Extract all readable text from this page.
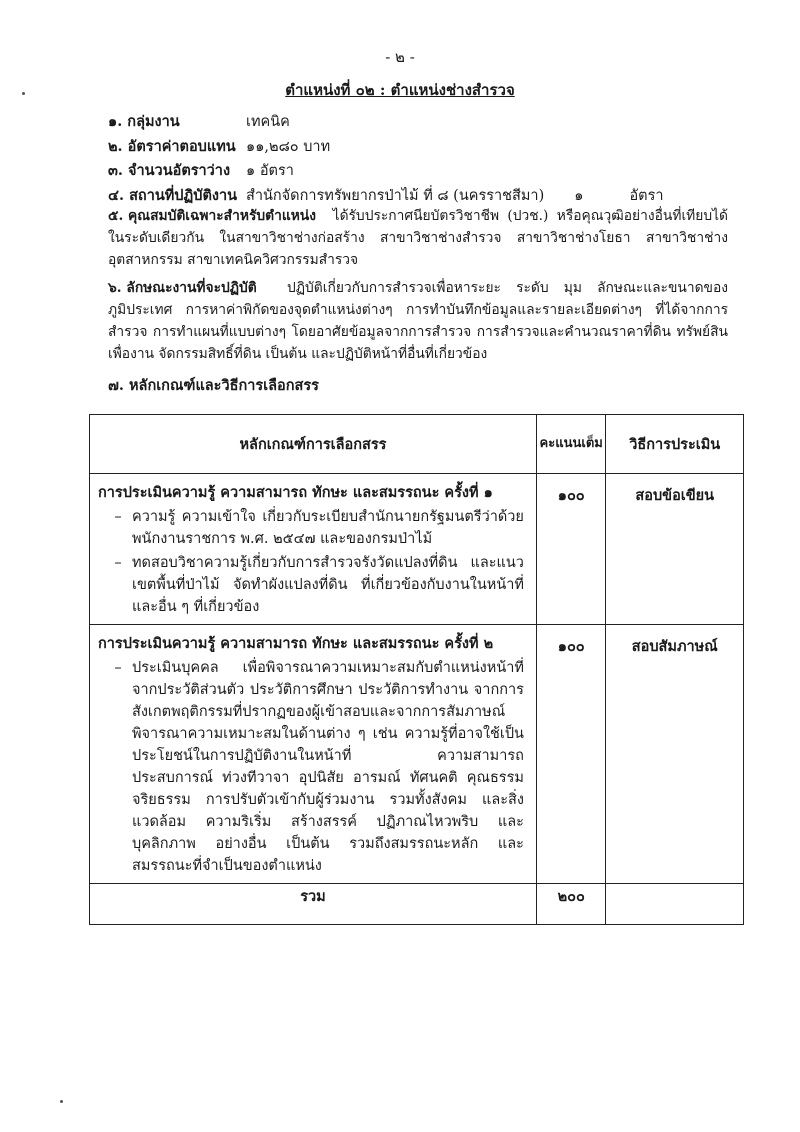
- ๒ -
ตำแหน่งที่ ๐๒ : ตำแหน่งช่างสำรวจ
๑. กลุ่มงาน	เทคนิค
๒. อัตราค่าตอบแทน ๑๑,๒๘๐ บาท
๓. จำนวนอัตราว่าง ๑ อัตรา
๔. สถานที่ปฏิบัติงาน สำนักจัดการทรัพยากรป่าไม้ ที่ ๘ (นครราชสีมา) ๑	อัตรา
๕. คุณสมบัติเฉพาะสำหรับตำแหน่ง ได้รับประกาศนียบัตรวิชาชีพ (ปวช.) หรือคุณวุฒิอย่างอื่นที่เทียบได้ ในระดับเดียวกัน ในสาขาวิชาช่างก่อสร้าง สาขาวิชาช่างสำรวจ สาขาวิชาช่างโยธา สาขาวิชาช่างอุตสาหกรรม สาขาเทคนิควิศวกรรมสำรวจ
๖. ลักษณะงานที่จะปฏิบัติ ปฏิบัติเกี่ยวกับการสำรวจเพื่อหาระยะ ระดับ มุม ลักษณะและขนาดของ ภูมิประเทศ การหาค่าพิกัดของจุดตำแหน่งต่างๆ การทำบันทึกข้อมูลและรายละเอียดต่างๆ ที่ได้จากการสำรวจ การทำแผนที่แบบต่างๆ โดยอาศัยข้อมูลจากการสำรวจ การสำรวจและคำนวณราคาที่ดิน ทรัพย์สิน เพื่องาน จัดกรรมสิทธิ์ที่ดิน เป็นต้น และปฏิบัติหน้าที่อื่นที่เกี่ยวข้อง
๗. หลักเกณฑ์และวิธีการเลือกสรร
หลักเกณฑ์การเลือกสรร	คะแนนเต็ม	วิธีการประเมิน

การประเมินความรู้ ความสามารถ ทักษะ และสมรรถนะ ครั้งที่ ๑
– ความรู้ ความเข้าใจ เกี่ยวกับระเบียบสำนักนายกรัฐมนตรีว่าด้วยพนักงานราชการ พ.ศ. ๒๕๔๗ และของกรมป่าไม้
– ทดสอบวิชาความรู้เกี่ยวกับการสำรวจรังวัดแปลงที่ดิน และแนวเขตพื้นที่ป่าไม้ จัดทำผังแปลงที่ดิน ที่เกี่ยวข้องกับงานในหน้าที่ และอื่น ๆ ที่เกี่ยวข้อง	๑๐๐	สอบข้อเขียน

การประเมินความรู้ ความสามารถ ทักษะ และสมรรถนะ ครั้งที่ ๒
– ประเมินบุคคล เพื่อพิจารณาความเหมาะสมกับตำแหน่งหน้าที่ จากประวัติส่วนตัว ประวัติการศึกษา ประวัติการทำงาน จากการสังเกตพฤติกรรมที่ปรากฏของผู้เข้าสอบและจากการสัมภาษณ์พิจารณาความเหมาะสมในด้านต่าง ๆ เช่น ความรู้ที่อาจใช้เป็นประโยชน์ในการปฏิบัติงานในหน้าที่ ความสามารถ ประสบการณ์ ท่วงทีวาจา อุปนิสัย อารมณ์ ทัศนคติ คุณธรรม จริยธรรม การปรับตัวเข้ากับผู้ร่วมงาน รวมทั้งสังคม และสิ่งแวดล้อม ความริเริ่ม สร้างสรรค์ ปฏิภาณไหวพริบ และบุคลิกภาพ อย่างอื่น เป็นต้น รวมถึงสมรรถนะหลัก และสมรรถนะที่จำเป็นของตำแหน่ง	๑๐๐	สอบสัมภาษณ์
รวม	๒๐๐	
